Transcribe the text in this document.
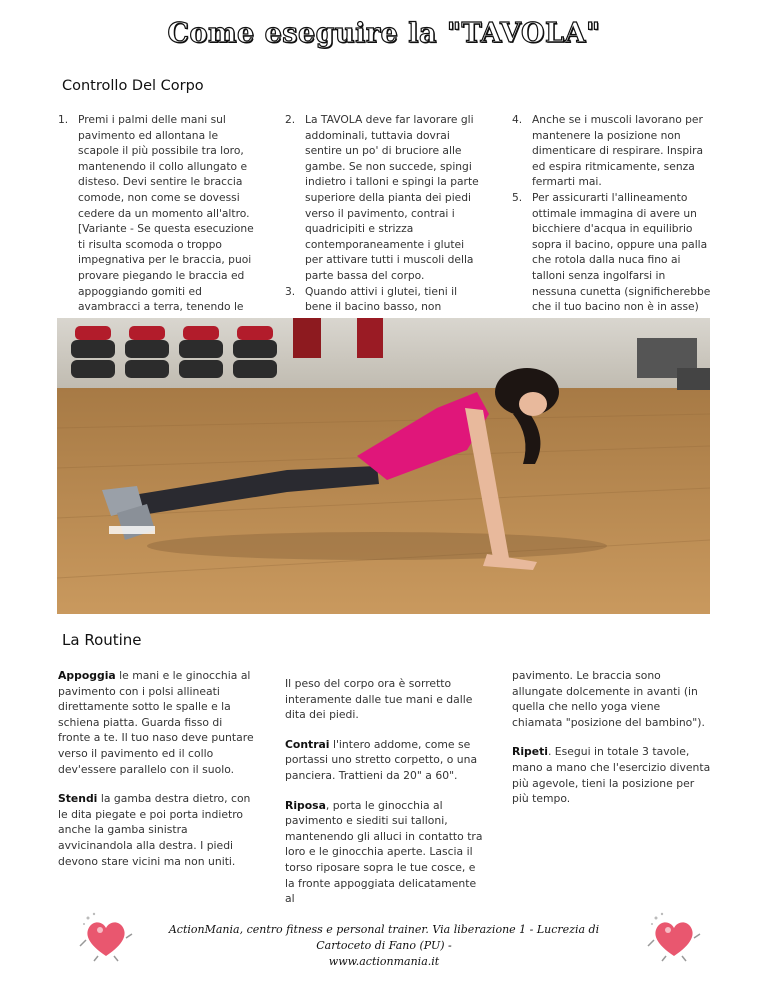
Come eseguire la "TAVOLA"
Controllo Del Corpo
1. Premi i palmi delle mani sul pavimento ed allontana le scapole il più possibile tra loro, mantenendo il collo allungato e disteso. Devi sentire le braccia comode, non come se dovessi cedere da un momento all'altro. [Variante - Se questa esecuzione ti risulta scomoda o troppo impegnativa per le braccia, puoi provare piegando le braccia ed appoggiando gomiti ed avambracci a terra, tenendo le
2. La TAVOLA deve far lavorare gli addominali, tuttavia dovrai sentire un po' di bruciore alle gambe. Se non succede, spingi indietro i talloni e spingi la parte superiore della pianta dei piedi verso il pavimento, contrai i quadricipiti e strizza contemporaneamente i glutei per attivare tutti i muscoli della parte bassa del corpo.
3. Quando attivi i glutei, tieni il bene il bacino basso, non
4. Anche se i muscoli lavorano per mantenere la posizione non dimenticare di respirare. Inspira ed espira ritmicamente, senza fermarti mai.
5. Per assicurarti l'allineamento ottimale immagina di avere un bicchiere d'acqua in equilibrio sopra il bacino, oppure una palla che rotola dalla nuca fino ai talloni senza ingolfarsi in nessuna cunetta (significherebbe che il tuo bacino non è in asse)
La Routine

Appoggia le mani e le ginocchia al pavimento con i polsi allineati direttamente sotto le spalle e la schiena piatta. Guarda fisso di fronte a te. Il tuo naso deve puntare verso il pavimento ed il collo dev'essere parallelo con il suolo.

Stendi la gamba destra dietro, con le dita piegate e poi porta indietro anche la gamba sinistra avvicinandola alla destra. I piedi devono stare vicini ma non uniti.

Il peso del corpo ora è sorretto interamente dalle tue mani e dalle dita dei piedi.

Contrai l'intero addome, come se portassi uno stretto corpetto, o una panciera. Trattieni da 20" a 60".

Riposa, porta le ginocchia al pavimento e siediti sui talloni, mantenendo gli alluci in contatto tra loro e le ginocchia aperte. Lascia il torso riposare sopra le tue cosce, e la fronte appoggiata delicatamente al

pavimento. Le braccia sono allungate dolcemente in avanti (in quella che nello yoga viene chiamata "posizione del bambino").

Ripeti. Esegui in totale 3 tavole, mano a mano che l'esercizio diventa più agevole, tieni la posizione per più tempo.

ActionMania, centro fitness e personal trainer. Via liberazione 1 - Lucrezia di Cartoceto di Fano (PU) -
www.actionmania.it
